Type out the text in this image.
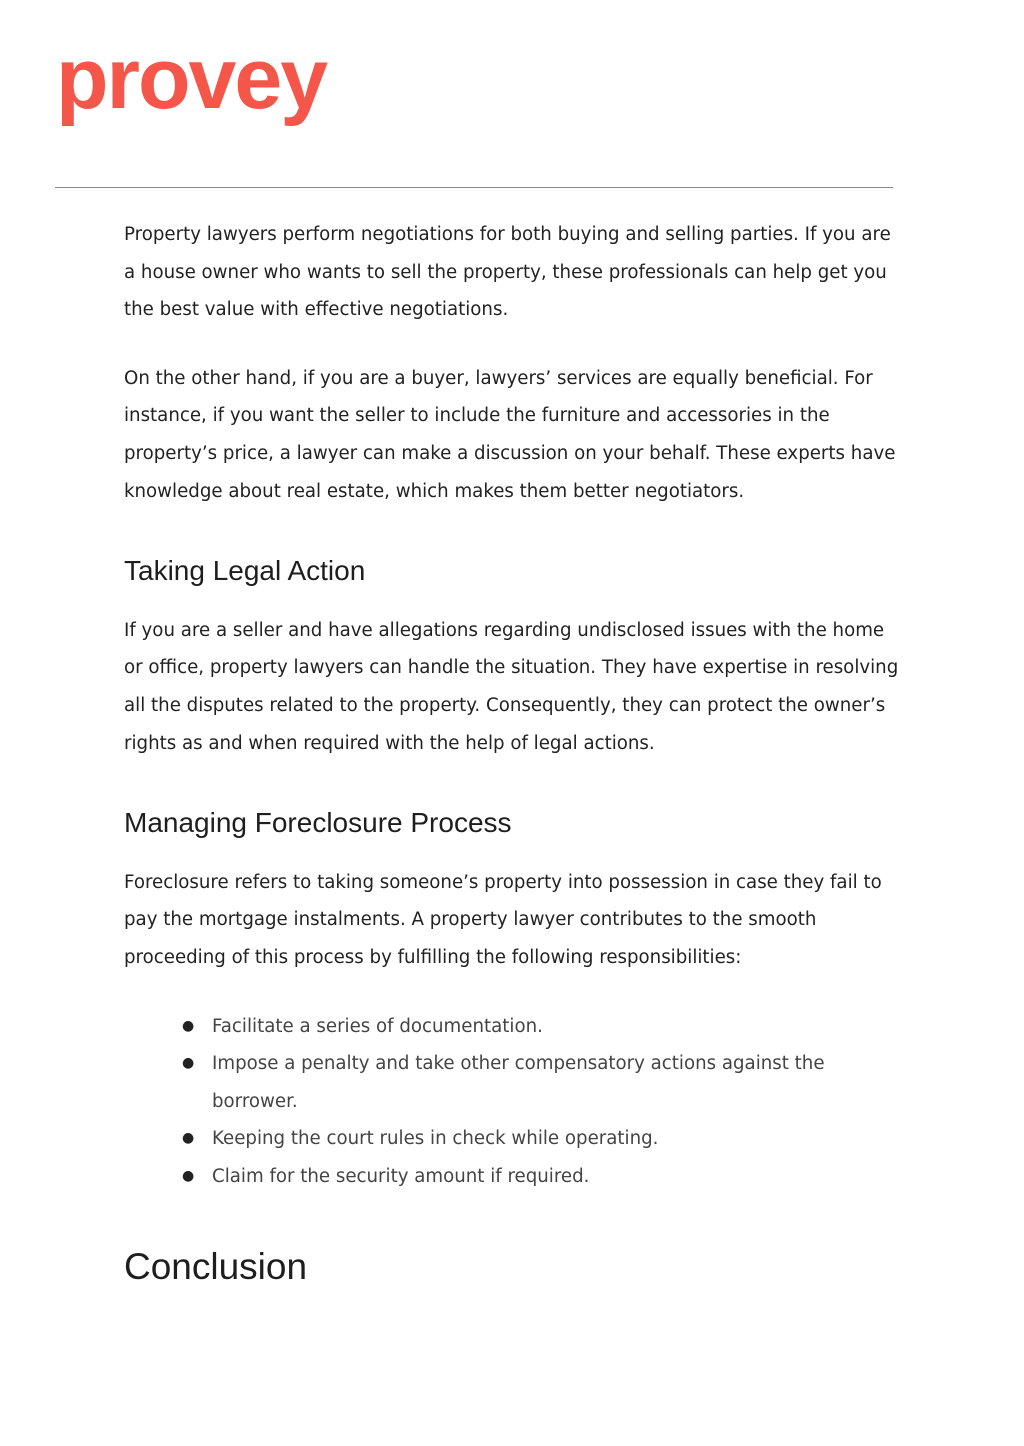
provey

Property lawyers perform negotiations for both buying and selling parties. If you are a house owner who wants to sell the property, these professionals can help get you the best value with effective negotiations.

On the other hand, if you are a buyer, lawyers’ services are equally beneficial. For instance, if you want the seller to include the furniture and accessories in the property’s price, a lawyer can make a discussion on your behalf. These experts have knowledge about real estate, which makes them better negotiators.

Taking Legal Action

If you are a seller and have allegations regarding undisclosed issues with the home or office, property lawyers can handle the situation. They have expertise in resolving all the disputes related to the property. Consequently, they can protect the owner’s rights as and when required with the help of legal actions.

Managing Foreclosure Process

Foreclosure refers to taking someone’s property into possession in case they fail to pay the mortgage instalments. A property lawyer contributes to the smooth proceeding of this process by fulfilling the following responsibilities:

● Facilitate a series of documentation.
● Impose a penalty and take other compensatory actions against the borrower.
● Keeping the court rules in check while operating.
● Claim for the security amount if required.
Conclusion
